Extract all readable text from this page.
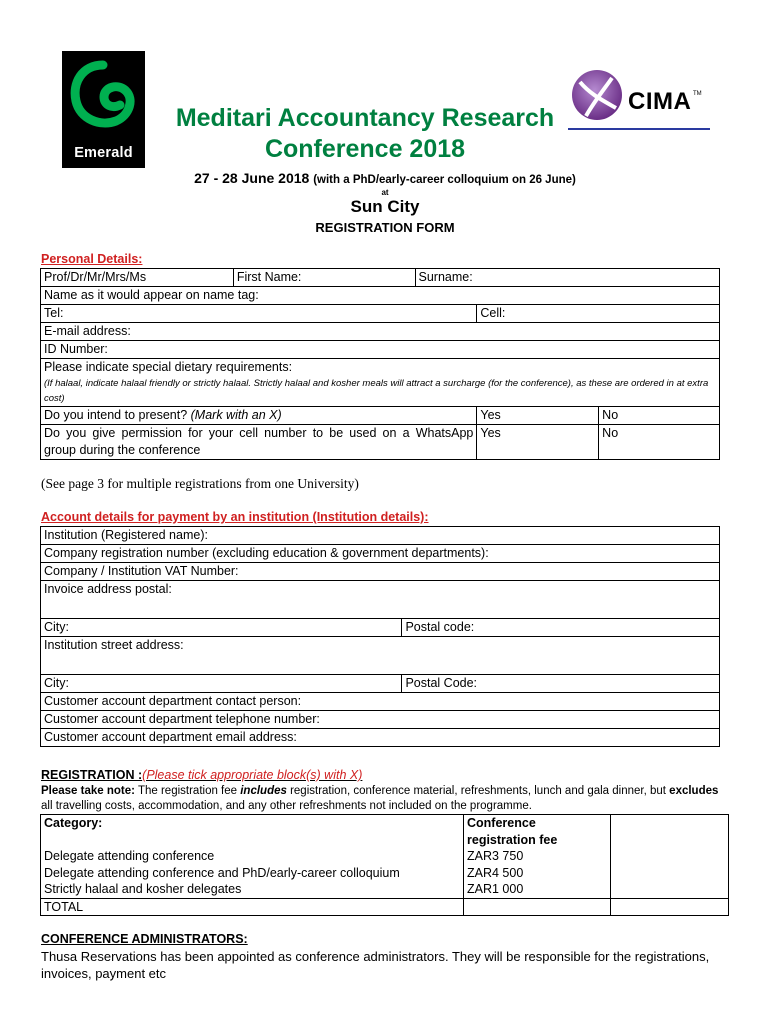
Emerald
Meditari Accountancy Research
Conference 2018
CIMA TM
27 - 28 June 2018 (with a PhD/early-career colloquium on 26 June)
at
Sun City
REGISTRATION FORM
Personal Details:
Prof/Dr/Mr/Mrs/Ms	First Name:	Surname:		
Name as it would appear on name tag:				
Tel:			Cell:	
E-mail address:				
ID Number:				

Please indicate special dietary requirements:
(If halaal, indicate halaal friendly or strictly halaal. Strictly halaal and kosher meals will attract a surcharge (for the conference), as these are ordered in at extra cost)				

Do you intend to present? (Mark with an X)			Yes	No
Do you give permission for your cell number to be used on a WhatsApp group during the conference			Yes	No
(See page 3 for multiple registrations from one University)
Account details for payment by an institution (Institution details):
Institution (Registered name):	
Company registration number (excluding education & government departments):	
Company / Institution VAT Number:	
Invoice address postal:	
City:	Postal code:
Institution street address:	
City:	Postal Code:
Customer account department contact person:	
Customer account department telephone number:	
Customer account department email address:	
REGISTRATION :(Please tick appropriate block(s) with X)
Please take note: The registration fee includes registration, conference material, refreshments, lunch and gala dinner, but excludes all travelling costs, accommodation, and any other refreshments not included on the programme.
Category:	Conference registration fee	
Delegate attending conference	ZAR3 750	
Delegate attending conference and PhD/early-career colloquium	ZAR4 500	
Strictly halaal and kosher delegates	ZAR1 000	
TOTAL		
CONFERENCE ADMINISTRATORS:
Thusa Reservations has been appointed as conference administrators. They will be responsible for the registrations, invoices, payment etc
